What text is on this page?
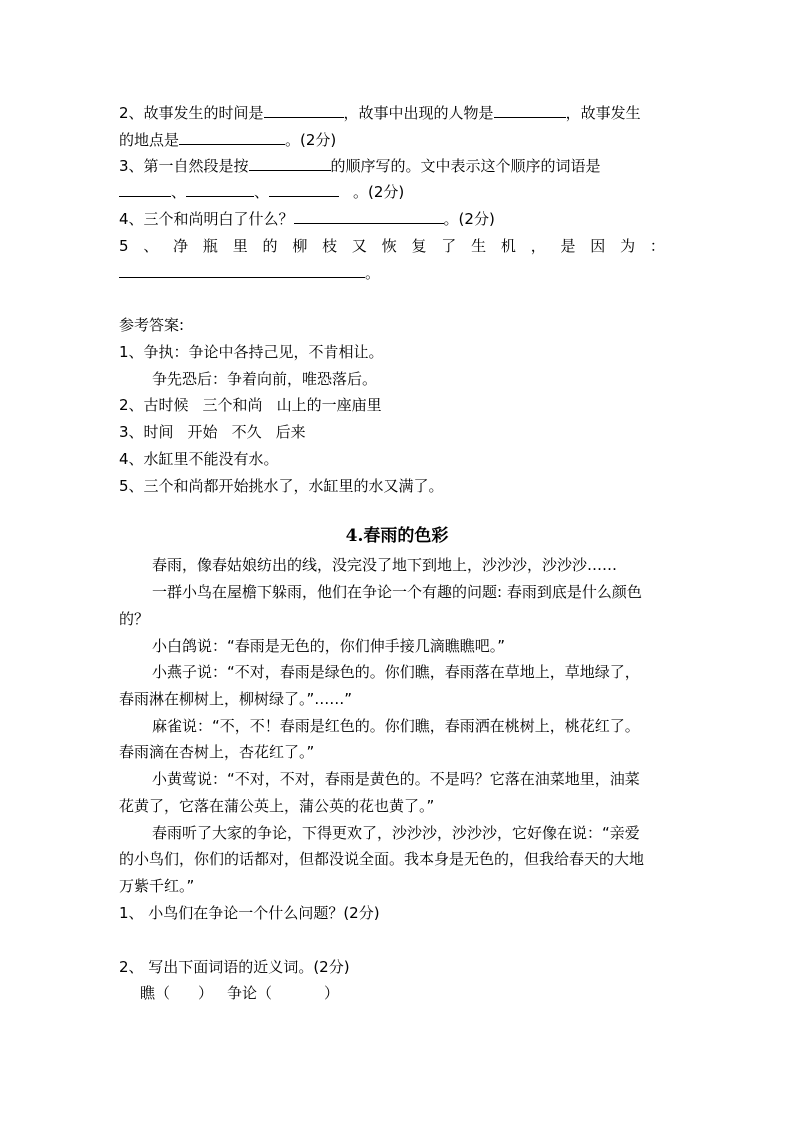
2、故事发生的时间是	，故事中出现的人物是	，故事发生
的地点是	。(2分)
3、第一自然段是按	的顺序写的。文中表示这个顺序的词语是
、	、	。(2分)
4、三个和尚明白了什么？	。(2分)
5 、 净 瓶 里 的 柳 枝 又 恢 复 了 生 机 ， 是 因 为 ：
。
参考答案:
1、争执：争论中各持己见，不肯相让。
争先恐后：争着向前，唯恐落后。
2、古时候 三个和尚 山上的一座庙里
3、时间 开始 不久 后来
4、水缸里不能没有水。
5、三个和尚都开始挑水了，水缸里的水又满了。
4.春雨的色彩
春雨，像春姑娘纺出的线，没完没了地下到地上，沙沙沙，沙沙沙……
一群小鸟在屋檐下躲雨，他们在争论一个有趣的问题: 春雨到底是什么颜色
的？
小白鸽说：“春雨是无色的，你们伸手接几滴瞧瞧吧。”
小燕子说：“不对，春雨是绿色的。你们瞧，春雨落在草地上，草地绿了，
春雨淋在柳树上，柳树绿了。”……”
麻雀说：“不，不！春雨是红色的。你们瞧，春雨洒在桃树上，桃花红了。
春雨滴在杏树上，杏花红了。”
小黄莺说：“不对，不对，春雨是黄色的。不是吗？它落在油菜地里，油菜
花黄了，它落在蒲公英上，蒲公英的花也黄了。”
春雨听了大家的争论，下得更欢了，沙沙沙，沙沙沙，它好像在说：“亲爱
的小鸟们，你们的话都对，但都没说全面。我本身是无色的，但我给春天的大地
万紫千红。”
1、 小鸟们在争论一个什么问题？(2分)
2、 写出下面词语的近义词。(2分)
瞧（ ） 争论（	）
